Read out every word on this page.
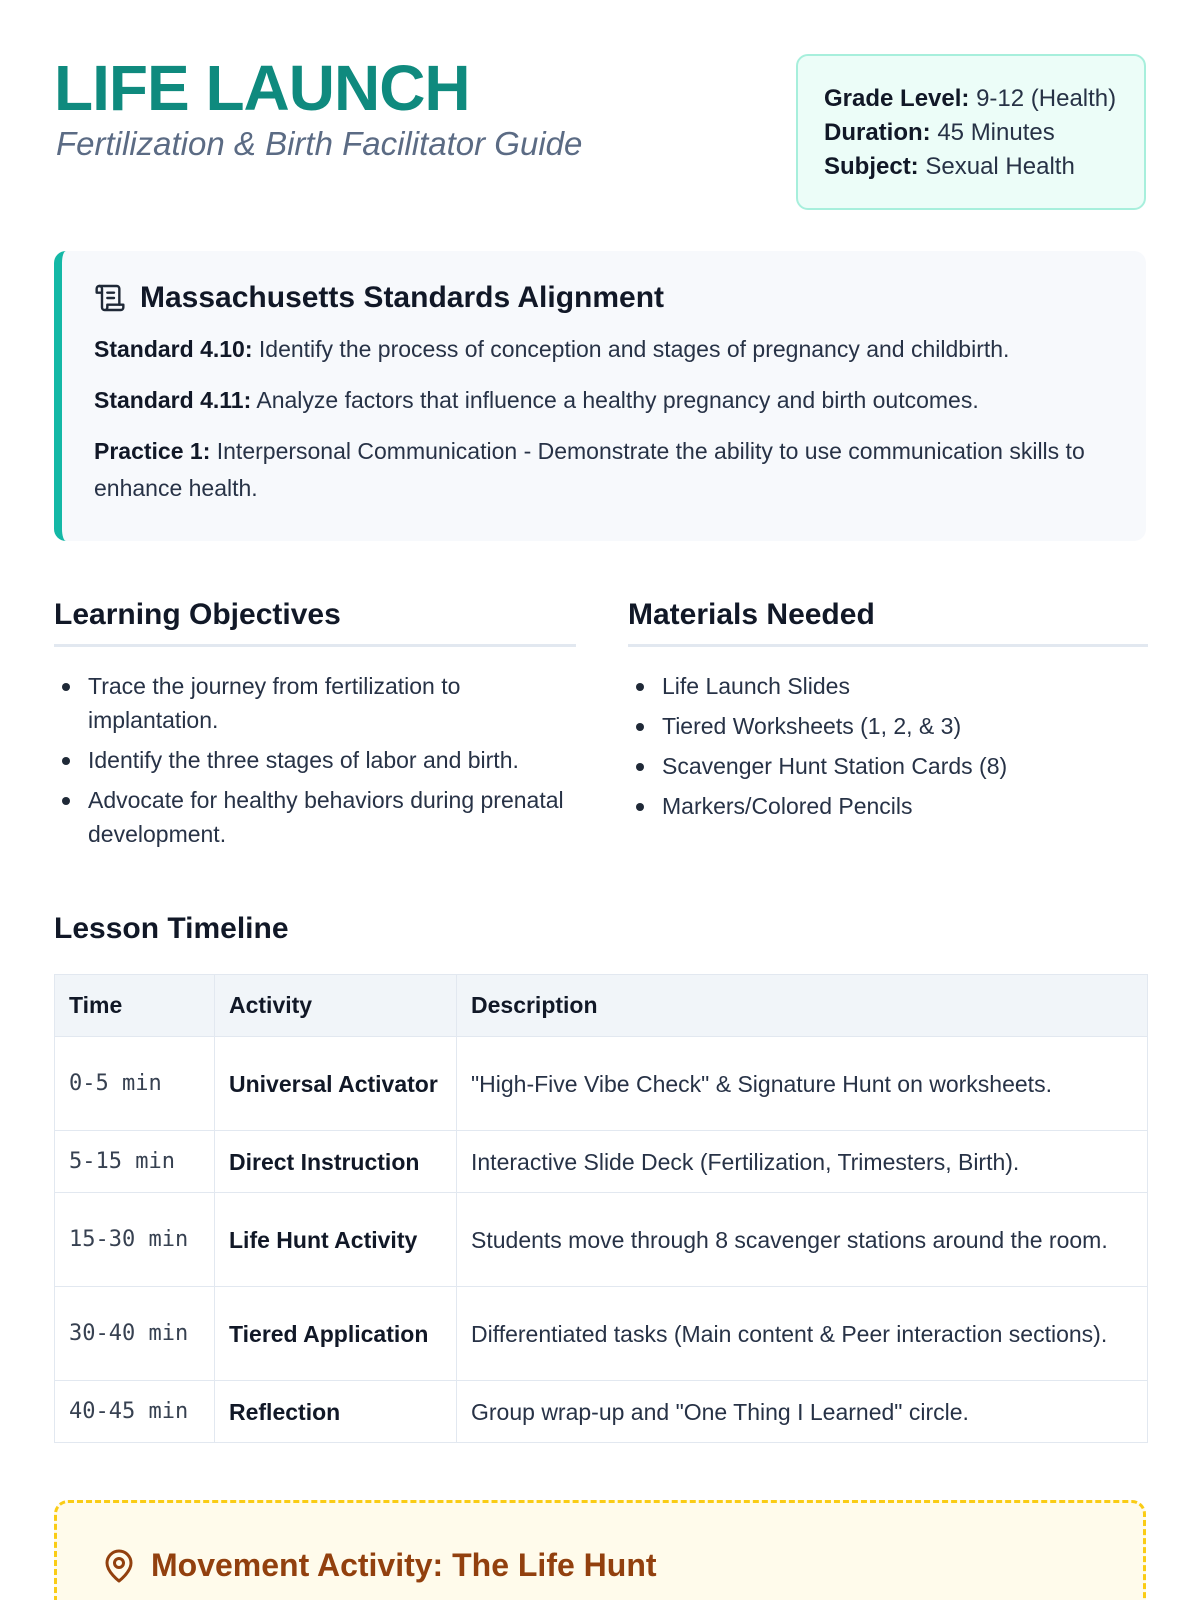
LIFE LAUNCH
Fertilization & Birth Facilitator Guide
Grade Level: 9-12 (Health)
Duration: 45 Minutes
Subject: Sexual Health
Massachusetts Standards Alignment
Standard 4.10: Identify the process of conception and stages of pregnancy and childbirth.
Standard 4.11: Analyze factors that influence a healthy pregnancy and birth outcomes.
Practice 1: Interpersonal Communication - Demonstrate the ability to use communication skills to enhance health.
Learning Objectives
Trace the journey from fertilization to implantation.
Identify the three stages of labor and birth.
Advocate for healthy behaviors during prenatal development.
Materials Needed
Life Launch Slides
Tiered Worksheets (1, 2, & 3)
Scavenger Hunt Station Cards (8)
Markers/Colored Pencils
Lesson Timeline
Time	Activity	Description
0-5 min	Universal Activator	"High-Five Vibe Check" & Signature Hunt on worksheets.
5-15 min	Direct Instruction	Interactive Slide Deck (Fertilization, Trimesters, Birth).
15-30 min	Life Hunt Activity	Students move through 8 scavenger stations around the room.
30-40 min	Tiered Application	Differentiated tasks (Main content & Peer interaction sections).
40-45 min	Reflection	Group wrap-up and "One Thing I Learned" circle.
Movement Activity: The Life Hunt
